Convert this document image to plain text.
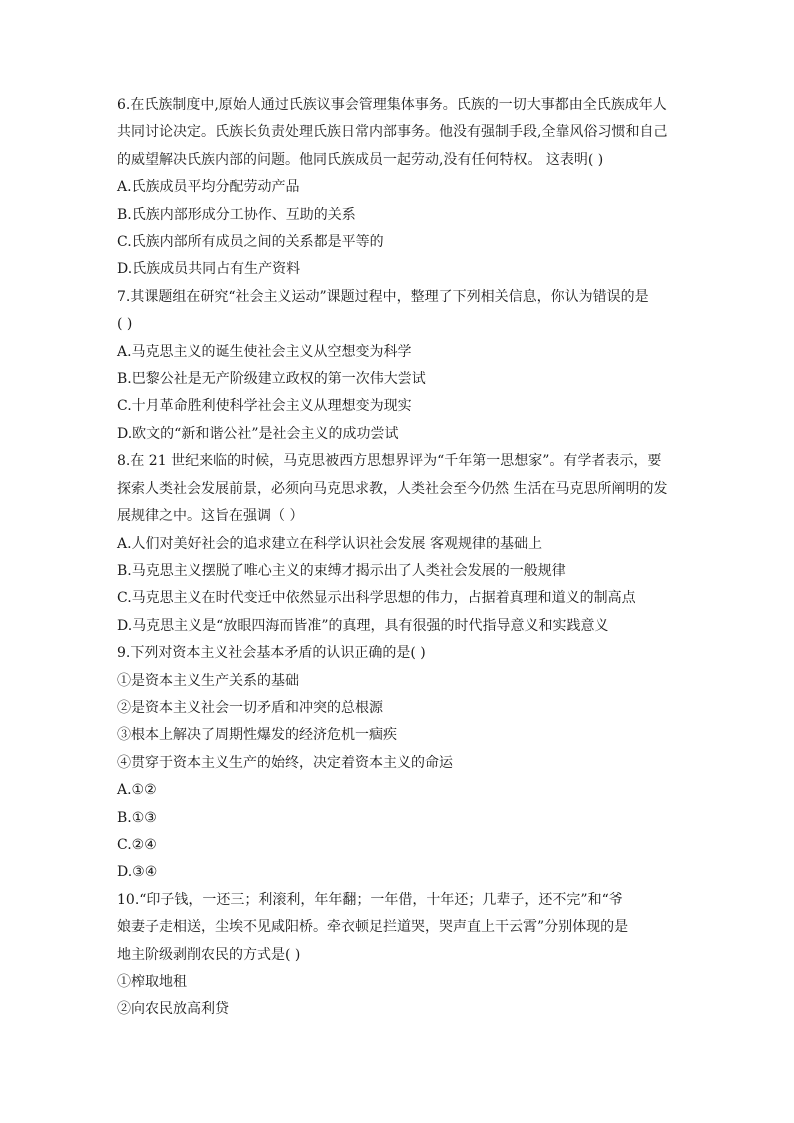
6.在氏族制度中,原始人通过氏族议事会管理集体事务。氏族的一切大事都由全氏族成年人
共同讨论决定。氏族长负责处理氏族日常内部事务。他没有强制手段,全靠风俗习惯和自己
的威望解决氏族内部的问题。他同氏族成员一起劳动,没有任何特权。 这表明( )
A.氏族成员平均分配劳动产品
B.氏族内部形成分工协作、互助的关系
C.氏族内部所有成员之间的关系都是平等的
D.氏族成员共同占有生产资料
7.其课题组在研究“社会主义运动”课题过程中，整理了下列相关信息，你认为错误的是
( )
A.马克思主义的诞生使社会主义从空想变为科学
B.巴黎公社是无产阶级建立政权的第一次伟大尝试
C.十月革命胜利使科学社会主义从理想变为现实
D.欧文的“新和谐公社”是社会主义的成功尝试
8.在 21 世纪来临的时候，马克思被西方思想界评为“千年第一思想家”。有学者表示，要
探索人类社会发展前景，必须向马克思求教，人类社会至今仍然 生活在马克思所阐明的发
展规律之中。这旨在强调（ ）
A.人们对美好社会的追求建立在科学认识社会发展 客观规律的基础上
B.马克思主义摆脱了唯心主义的束缚才揭示出了人类社会发展的一般规律
C.马克思主义在时代变迁中依然显示出科学思想的伟力，占据着真理和道义的制高点
D.马克思主义是“放眼四海而皆准”的真理，具有很强的时代指导意义和实践意义
9.下列对资本主义社会基本矛盾的认识正确的是( )
①是资本主义生产关系的基础
②是资本主义社会一切矛盾和冲突的总根源
③根本上解决了周期性爆发的经济危机一痼疾
④贯穿于资本主义生产的始终，决定着资本主义的命运
A.①②
B.①③
C.②④
D.③④
10.“印子钱，一还三；利滚利，年年翻；一年借，十年还；几辈子，还不完”和“爷
娘妻子走相送，尘埃不见咸阳桥。牵衣顿足拦道哭，哭声直上干云霄”分别体现的是
地主阶级剥削农民的方式是( )
①榨取地租
②向农民放高利贷
